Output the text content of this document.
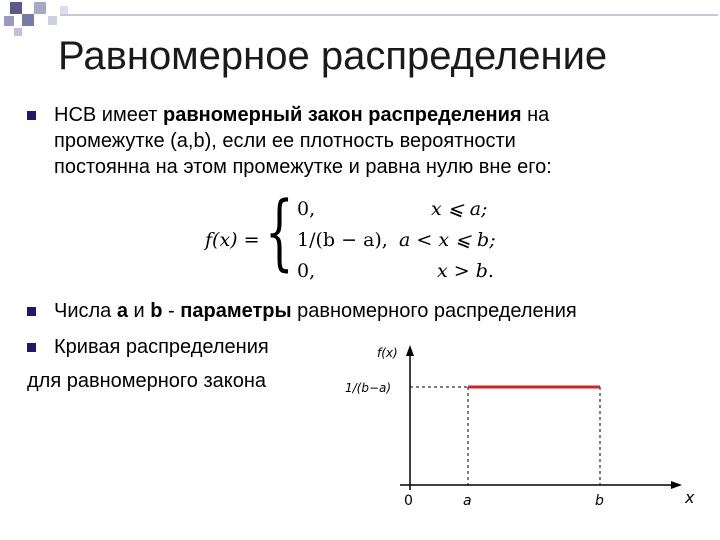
Равномерное распределение
НСВ имеет равномерный закон распределения на
промежутке (a,b), если ее плотность вероятности
постоянна на этом промежутке и равна нулю вне его:
f(x) = { 0,
1/(b − a),
0,
x ⩽ a;
a < x ⩽ b;
x > b.
Числа a и b - параметры равномерного распределения
Кривая распределения
для равномерного закона
f(x)
1/(b−a)
0	a	b	x
